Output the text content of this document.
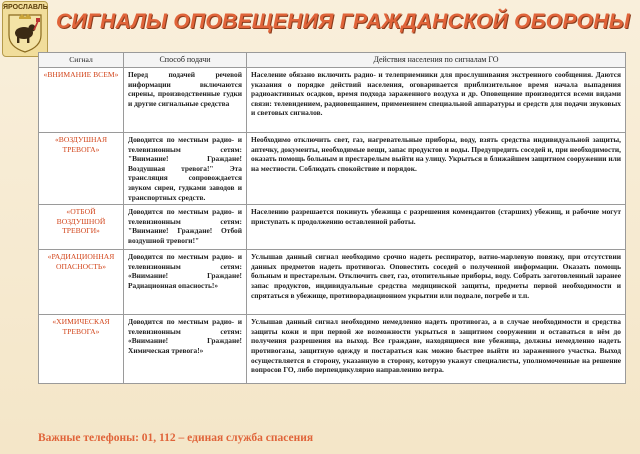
ЯРОСЛАВЛЬ
СИГНАЛЫ ОПОВЕЩЕНИЯ ГРАЖДАНСКОЙ ОБОРОНЫ
Сигнал	Способ подачи	Действия населения по сигналам ГО
«ВНИМАНИЕ ВСЕМ»	Перед подачей речевой информации включаются сирены, производственные гудки и другие сигнальные средства	Население обязано включить радио- и телеприемники для прослушивания экстренного сообщения. Даются указания о порядке действий населения, оговаривается приблизительное время начала выпадения радиоактивных осадков, время подхода зараженного воздуха и др. Оповещение производится всеми видами связи: телевидением, радиовещанием, применением специальной аппаратуры и средств для подачи звуковых и световых сигналов.
«ВОЗДУШНАЯ ТРЕВОГА»	Доводится по местным радио- и телевизионным сетям: "Внимание! Граждане! Воздушная тревога!" Эта трансляция сопровождается звуком сирен, гудками заводов и транспортных средств.	Необходимо отключить свет, газ, нагревательные приборы, воду, взять средства индивидуальной защиты, аптечку, документы, необходимые вещи, запас продуктов и воды. Предупредить соседей и, при необходимости, оказать помощь больным и престарелым выйти на улицу. Укрыться в ближайшем защитном сооружении или на местности. Соблюдать спокойствие и порядок.
«ОТБОЙ ВОЗДУШНОЙ ТРЕВОГИ»	Доводится по местным радио- и телевизионным сетям: "Внимание! Граждане! Отбой воздушной тревоги!"	Населению разрешается покинуть убежища с разрешения комендантов (старших) убежищ, и рабочие могут приступать к продолжению оставленной работы.
«РАДИАЦИОННАЯ ОПАСНОСТЬ»	Доводится по местным радио- и телевизионным сетям: «Внимание! Граждане! Радиационная опасность!»	Услышав данный сигнал необходимо срочно надеть респиратор, ватно-марлевую повязку, при отсутствии данных предметов надеть противогаз. Оповестить соседей о полученной информации. Оказать помощь больным и престарелым. Отключить свет, газ, отопительные приборы, воду. Собрать заготовленный заранее запас продуктов, индивидуальные средства медицинской защиты, предметы первой необходимости и спрятаться в убежище, противорадиационном укрытии или подвале, погребе и т.п.
«ХИМИЧЕСКАЯ ТРЕВОГА»	Доводится по местным радио- и телевизионным сетям: «Внимание! Граждане! Химическая тревога!»	Услышав данный сигнал необходимо немедленно надеть противогаз, а в случае необходимости и средства защиты кожи и при первой же возможности укрыться в защитном сооружении и оставаться в нём до получения разрешения на выход. Все граждане, находящиеся вне убежища, должны немедленно надеть противогазы, защитную одежду и постараться как можно быстрее выйти из зараженного участка. Выход осуществляется в сторону, указанную в сторону, которую укажут специалисты, уполномоченные на решение вопросов ГО, либо перпендикулярно направлению ветра.
Важные телефоны: 01, 112 – единая служба спасения
